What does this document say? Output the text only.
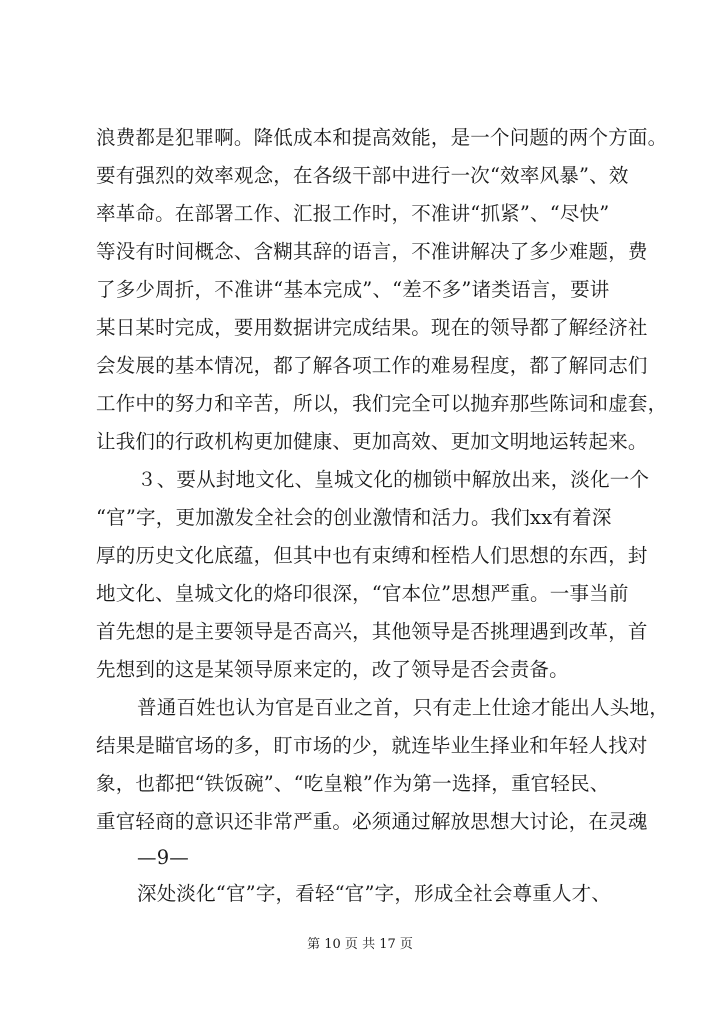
浪费都是犯罪啊。降低成本和提高效能，是一个问题的两个方面。
要有强烈的效率观念，在各级干部中进行一次“效率风暴”、效
率革命。在部署工作、汇报工作时，不准讲“抓紧”、“尽快”
等没有时间概念、含糊其辞的语言，不准讲解决了多少难题，费
了多少周折，不准讲“基本完成”、“差不多”诸类语言，要讲
某日某时完成，要用数据讲完成结果。现在的领导都了解经济社
会发展的基本情况，都了解各项工作的难易程度，都了解同志们
工作中的努力和辛苦，所以，我们完全可以抛弃那些陈词和虚套，
让我们的行政机构更加健康、更加高效、更加文明地运转起来。
３、要从封地文化、皇城文化的枷锁中解放出来，淡化一个
“官”字，更加激发全社会的创业激情和活力。我们xx有着深
厚的历史文化底蕴，但其中也有束缚和桎梏人们思想的东西，封
地文化、皇城文化的烙印很深，“官本位”思想严重。一事当前
首先想的是主要领导是否高兴，其他领导是否挑理遇到改革，首
先想到的这是某领导原来定的，改了领导是否会责备。
普通百姓也认为官是百业之首，只有走上仕途才能出人头地，
结果是瞄官场的多，盯市场的少，就连毕业生择业和年轻人找对
象，也都把“铁饭碗”、“吃皇粮”作为第一选择，重官轻民、
重官轻商的意识还非常严重。必须通过解放思想大讨论，在灵魂
—9—
深处淡化“官”字，看轻“官”字，形成全社会尊重人才、
第 10 页 共 17 页
